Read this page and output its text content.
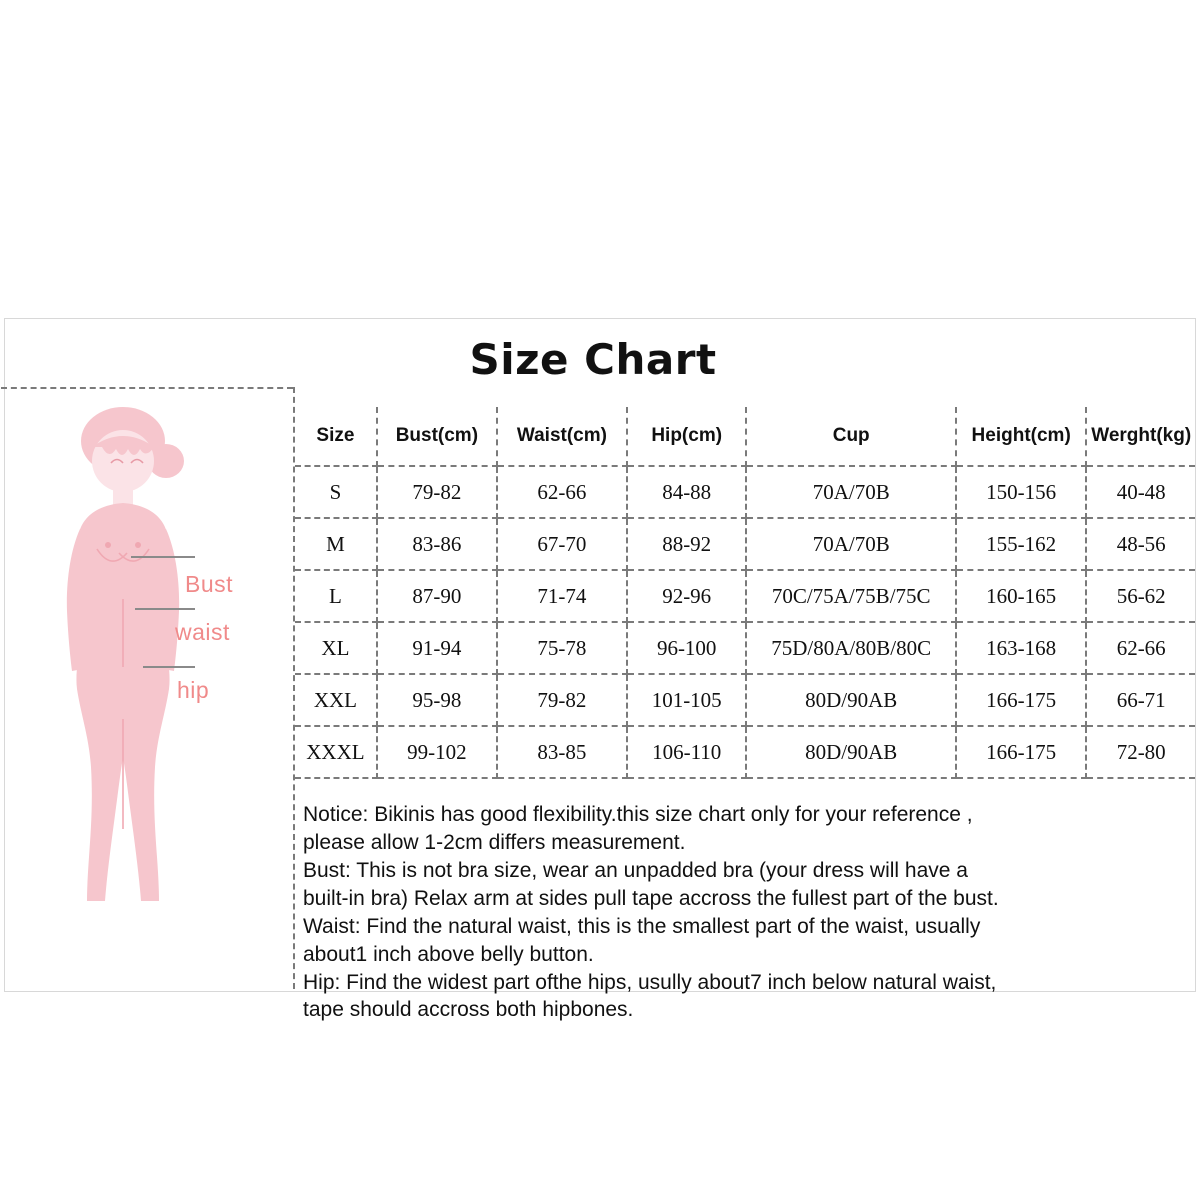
Bust
waist
hip
Size Chart
Size	Bust(cm)	Waist(cm)	Hip(cm)	Cup	Height(cm)	Werght(kg)
S	79-82	62-66	84-88	70A/70B	150-156	40-48
M	83-86	67-70	88-92	70A/70B	155-162	48-56
L	87-90	71-74	92-96	70C/75A/75B/75C	160-165	56-62
XL	91-94	75-78	96-100	75D/80A/80B/80C	163-168	62-66
XXL	95-98	79-82	101-105	80D/90AB	166-175	66-71
XXXL	99-102	83-85	106-110	80D/90AB	166-175	72-80

Notice: Bikinis has good flexibility.this size chart only for your reference ,

please allow 1-2cm differs measurement.

Bust: This is not bra size, wear an unpadded bra (your dress will have a

built-in bra) Relax arm at sides pull tape accross the fullest part of the bust.

Waist: Find the natural waist, this is the smallest part of the waist, usually

about1 inch above belly button.

Hip: Find the widest part ofthe hips, usully about7 inch below natural waist,

tape should accross both hipbones.
